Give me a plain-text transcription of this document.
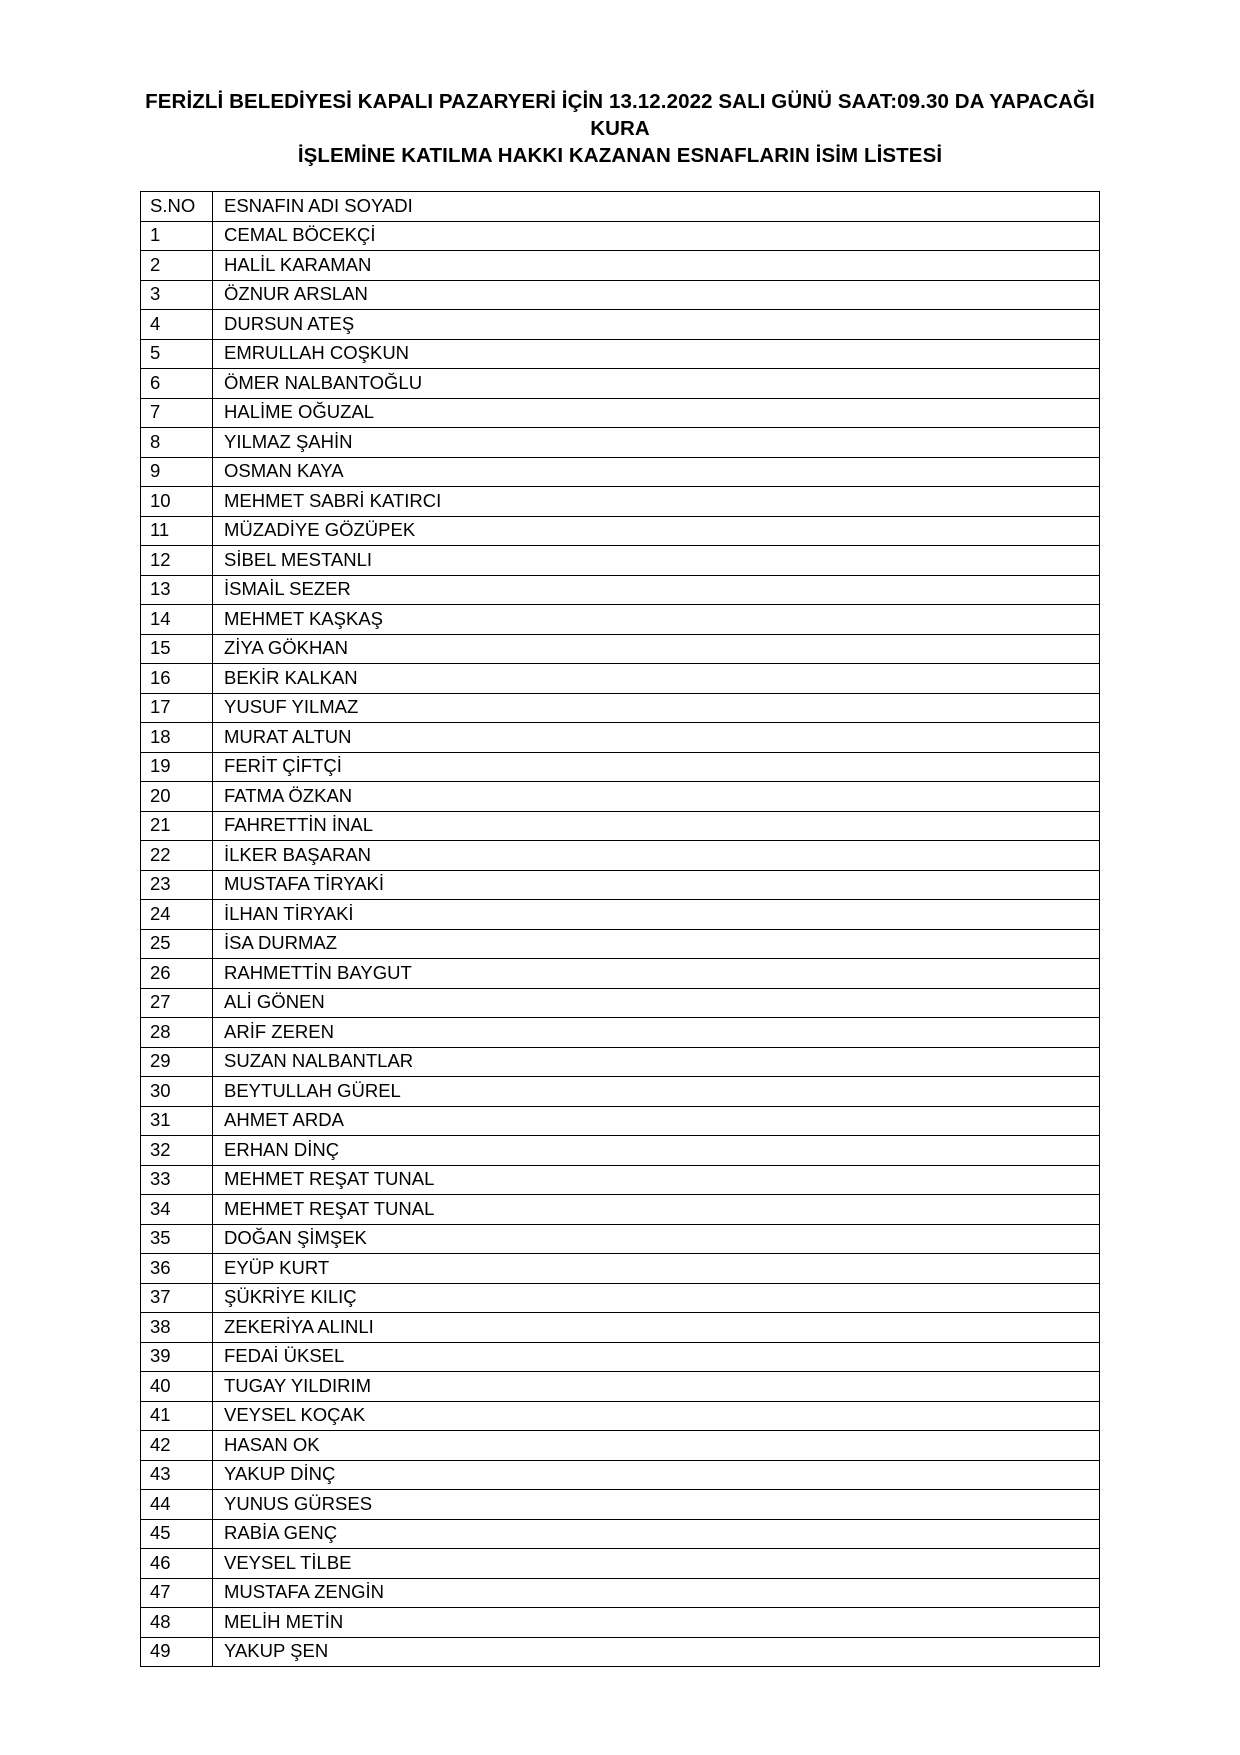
FERİZLİ BELEDİYESİ KAPALI PAZARYERİ İÇİN 13.12.2022 SALI GÜNÜ SAAT:09.30 DA YAPACAĞI KURA
İŞLEMİNE KATILMA HAKKI KAZANAN ESNAFLARIN İSİM LİSTESİ
S.NO	ESNAFIN ADI SOYADI
1	CEMAL BÖCEKÇİ
2	HALİL KARAMAN
3	ÖZNUR ARSLAN
4	DURSUN ATEŞ
5	EMRULLAH COŞKUN
6	ÖMER NALBANTOĞLU
7	HALİME OĞUZAL
8	YILMAZ ŞAHİN
9	OSMAN KAYA
10	MEHMET SABRİ KATIRCI
11	MÜZADİYE GÖZÜPEK
12	SİBEL MESTANLI
13	İSMAİL SEZER
14	MEHMET KAŞKAŞ
15	ZİYA GÖKHAN
16	BEKİR KALKAN
17	YUSUF YILMAZ
18	MURAT ALTUN
19	FERİT ÇİFTÇİ
20	FATMA ÖZKAN
21	FAHRETTİN İNAL
22	İLKER BAŞARAN
23	MUSTAFA TİRYAKİ
24	İLHAN TİRYAKİ
25	İSA DURMAZ
26	RAHMETTİN BAYGUT
27	ALİ GÖNEN
28	ARİF ZEREN
29	SUZAN NALBANTLAR
30	BEYTULLAH GÜREL
31	AHMET ARDA
32	ERHAN DİNÇ
33	MEHMET REŞAT TUNAL
34	MEHMET REŞAT TUNAL
35	DOĞAN ŞİMŞEK
36	EYÜP KURT
37	ŞÜKRİYE KILIÇ
38	ZEKERİYA ALINLI
39	FEDAİ ÜKSEL
40	TUGAY YILDIRIM
41	VEYSEL KOÇAK
42	HASAN OK
43	YAKUP DİNÇ
44	YUNUS GÜRSES
45	RABİA GENÇ
46	VEYSEL TİLBE
47	MUSTAFA ZENGİN
48	MELİH METİN
49	YAKUP ŞEN
